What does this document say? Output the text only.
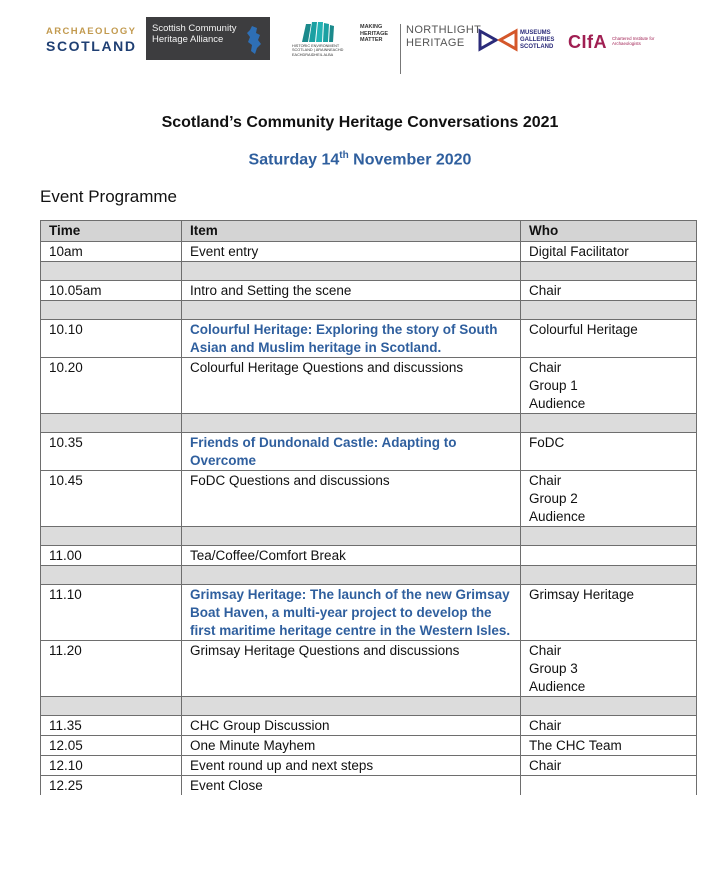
ARCHAEOLOGY
SCOTLAND
Scottish Community
Heritage Alliance
HISTORIC ENVIRONMENT SCOTLAND | ÀRAINNEACHD EACHDRAIDHEIL ALBA
MAKING
HERITAGE
MATTER
NORTHLIGHT
HERITAGE
MUSEUMS
GALLERIES
SCOTLAND CIfA Chartered Institute for Archaeologists
Scotland’s Community Heritage Conversations 2021
Saturday 14th November 2020
Event Programme
Time	Item	Who
10am	Event entry	Digital Facilitator

10.05am	Intro and Setting the scene	Chair

10.10	Colourful Heritage: Exploring the story of South Asian and Muslim heritage in Scotland.	Colourful Heritage

10.20	Colourful Heritage Questions and discussions	Chair
Group 1
Audience

10.35	Friends of Dundonald Castle: Adapting to Overcome	FoDC

10.45	FoDC Questions and discussions	Chair
Group 2
Audience

11.00	Tea/Coffee/Comfort Break	

11.10	Grimsay Heritage: The launch of the new Grimsay Boat Haven, a multi-year project to develop the first maritime heritage centre in the Western Isles.	Grimsay Heritage

11.20	Grimsay Heritage Questions and discussions	Chair
Group 3
Audience

11.35	CHC Group Discussion	Chair

12.05	One Minute Mayhem	The CHC Team

12.10	Event round up and next steps	Chair

12.25	Event Close	
